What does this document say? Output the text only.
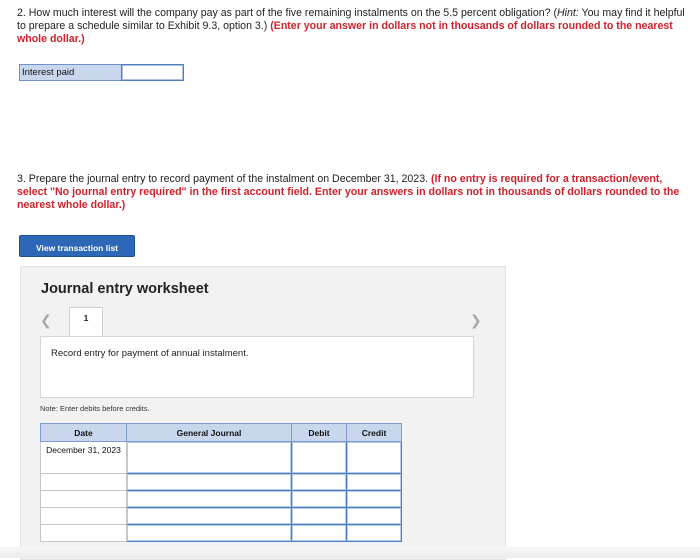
2. How much interest will the company pay as part of the five remaining instalments on the 5.5 percent obligation? (Hint: You may find it helpful to prepare a schedule similar to Exhibit 9.3, option 3.) (Enter your answer in dollars not in thousands of dollars rounded to the nearest whole dollar.)
Interest paid
3. Prepare the journal entry to record payment of the instalment on December 31, 2023. (If no entry is required for a transaction/event, select "No journal entry required" in the first account field. Enter your answers in dollars not in thousands of dollars rounded to the nearest whole dollar.)
View transaction list
Journal entry worksheet
❮	1	❯
Record entry for payment of annual instalment.
Note: Enter debits before credits.
Date	General Journal	Debit	Credit
December 31, 2023			
